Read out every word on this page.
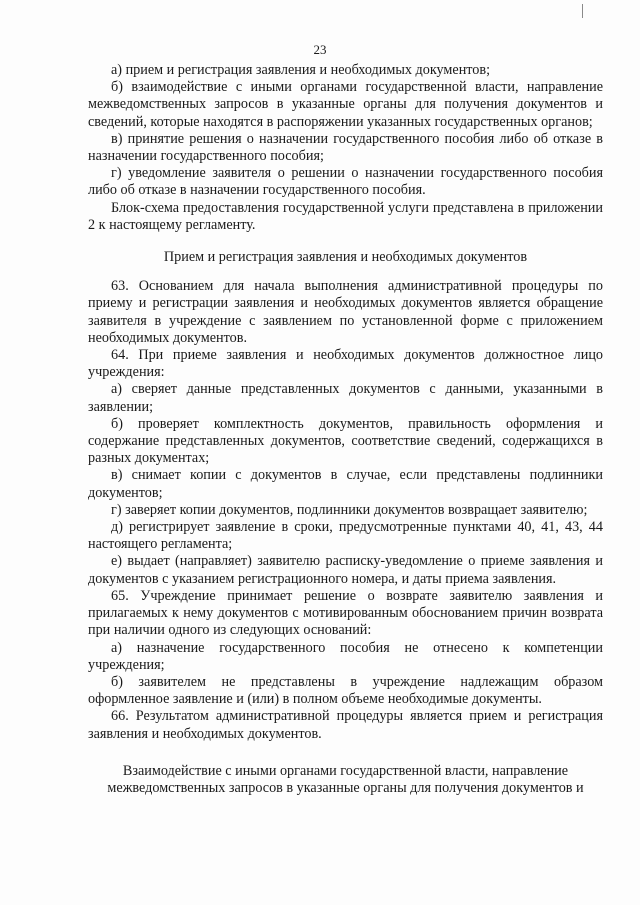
23

а) прием и регистрация заявления и необходимых документов;

б) взаимодействие с иными органами государственной власти, направление межведомственных запросов в указанные органы для получения документов и сведений, которые находятся в распоряжении указанных государственных органов;

в) принятие решения о назначении государственного пособия либо об отказе в назначении государственного пособия;

г) уведомление заявителя о решении о назначении государственного пособия либо об отказе в назначении государственного пособия.

Блок-схема предоставления государственной услуги представлена в приложении 2 к настоящему регламенту.

Прием и регистрация заявления и необходимых документов

63. Основанием для начала выполнения административной процедуры по приему и регистрации заявления и необходимых документов является обращение заявителя в учреждение с заявлением по установленной форме с приложением необходимых документов.

64. При приеме заявления и необходимых документов должностное лицо учреждения:

а) сверяет данные представленных документов с данными, указанными в заявлении;

б) проверяет комплектность документов, правильность оформления и содержание представленных документов, соответствие сведений, содержащихся в разных документах;

в) снимает копии с документов в случае, если представлены подлинники документов;

г) заверяет копии документов, подлинники документов возвращает заявителю;

д) регистрирует заявление в сроки, предусмотренные пунктами 40, 41, 43, 44 настоящего регламента;

е) выдает (направляет) заявителю расписку-уведомление о приеме заявления и документов с указанием регистрационного номера, и даты приема заявления.

65. Учреждение принимает решение о возврате заявителю заявления и прилагаемых к нему документов с мотивированным обоснованием причин возврата при наличии одного из следующих оснований:

а) назначение государственного пособия не отнесено к компетенции учреждения;

б) заявителем не представлены в учреждение надлежащим образом оформленное заявление и (или) в полном объеме необходимые документы.

66. Результатом административной процедуры является прием и регистрация заявления и необходимых документов.

Взаимодействие с иными органами государственной власти, направление межведомственных запросов в указанные органы для получения документов и
